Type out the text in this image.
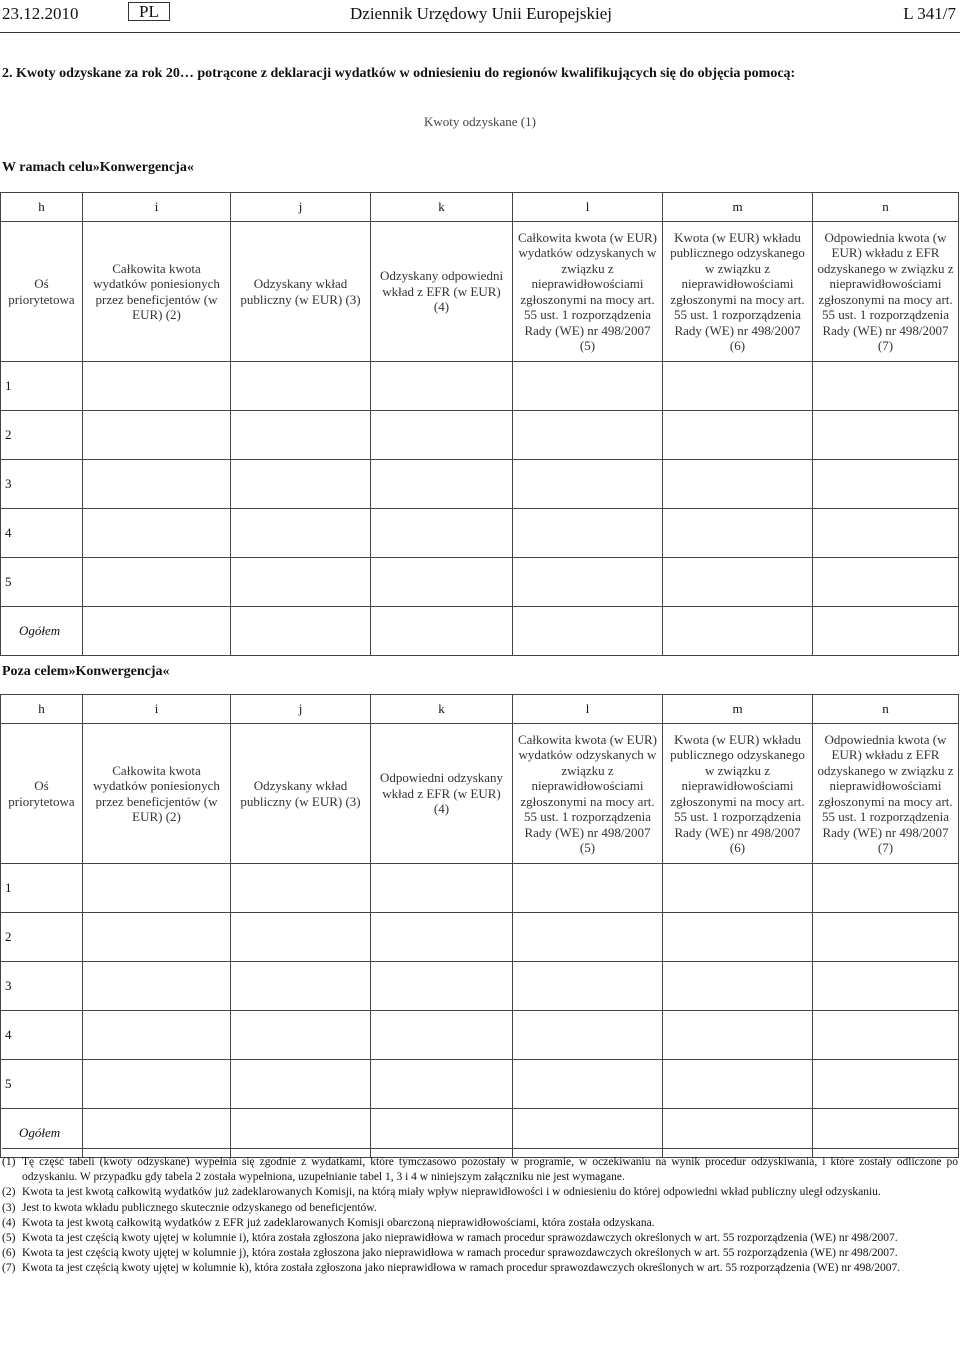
23.12.2010	PL	Dziennik Urzędowy Unii Europejskiej	L 341/7
2. Kwoty odzyskane za rok 20… potrącone z deklaracji wydatków w odniesieniu do regionów kwalifikujących się do objęcia pomocą:
Kwoty odzyskane (1)
W ramach celu»Konwergencja«
h	i	j	k	l	m	n
Oś priorytetowa	Całkowita kwota wydatków poniesionych przez beneficjentów (w EUR) (2)	Odzyskany wkład publiczny (w EUR) (3)	Odzyskany odpowiedni wkład z EFR (w EUR) (4)	Całkowita kwota (w EUR) wydatków odzyskanych w związku z nieprawidłowościami zgłoszonymi na mocy art. 55 ust. 1 rozporządzenia Rady (WE) nr 498/2007 (5)	Kwota (w EUR) wkładu publicznego odzyskanego w związku z nieprawidłowościami zgłoszonymi na mocy art. 55 ust. 1 rozporządzenia Rady (WE) nr 498/2007 (6)	Odpowiednia kwota (w EUR) wkładu z EFR odzyskanego w związku z nieprawidłowościami zgłoszonymi na mocy art. 55 ust. 1 rozporządzenia Rady (WE) nr 498/2007 (7)
1						
2						
3						
4						
5						
Ogółem						
Poza celem»Konwergencja«
h	i	j	k	l	m	n
Oś priorytetowa	Całkowita kwota wydatków poniesionych przez beneficjentów (w EUR) (2)	Odzyskany wkład publiczny (w EUR) (3)	Odpowiedni odzyskany wkład z EFR (w EUR) (4)	Całkowita kwota (w EUR) wydatków odzyskanych w związku z nieprawidłowościami zgłoszonymi na mocy art. 55 ust. 1 rozporządzenia Rady (WE) nr 498/2007 (5)	Kwota (w EUR) wkładu publicznego odzyskanego w związku z nieprawidłowościami zgłoszonymi na mocy art. 55 ust. 1 rozporządzenia Rady (WE) nr 498/2007 (6)	Odpowiednia kwota (w EUR) wkładu z EFR odzyskanego w związku z nieprawidłowościami zgłoszonymi na mocy art. 55 ust. 1 rozporządzenia Rady (WE) nr 498/2007 (7)
1						
2						
3						
4						
5						
Ogółem						

(1) Tę część tabeli (kwoty odzyskane) wypełnia się zgodnie z wydatkami, które tymczasowo pozostały w programie, w oczekiwaniu na wynik procedur odzyskiwania, i które zostały odliczone po odzyskaniu. W przypadku gdy tabela 2 została wypełniona, uzupełnianie tabel 1, 3 i 4 w niniejszym załączniku nie jest wymagane.

(2) Kwota ta jest kwotą całkowitą wydatków już zadeklarowanych Komisji, na którą miały wpływ nieprawidłowości i w odniesieniu do której odpowiedni wkład publiczny uległ odzyskaniu.

(3) Jest to kwota wkładu publicznego skutecznie odzyskanego od beneficjentów.

(4) Kwota ta jest kwotą całkowitą wydatków z EFR już zadeklarowanych Komisji obarczoną nieprawidłowościami, która została odzyskana.

(5) Kwota ta jest częścią kwoty ujętej w kolumnie i), która została zgłoszona jako nieprawidłowa w ramach procedur sprawozdawczych określonych w art. 55 rozporządzenia (WE) nr 498/2007.

(6) Kwota ta jest częścią kwoty ujętej w kolumnie j), która została zgłoszona jako nieprawidłowa w ramach procedur sprawozdawczych określonych w art. 55 rozporządzenia (WE) nr 498/2007.

(7) Kwota ta jest częścią kwoty ujętej w kolumnie k), która została zgłoszona jako nieprawidłowa w ramach procedur sprawozdawczych określonych w art. 55 rozporządzenia (WE) nr 498/2007.
